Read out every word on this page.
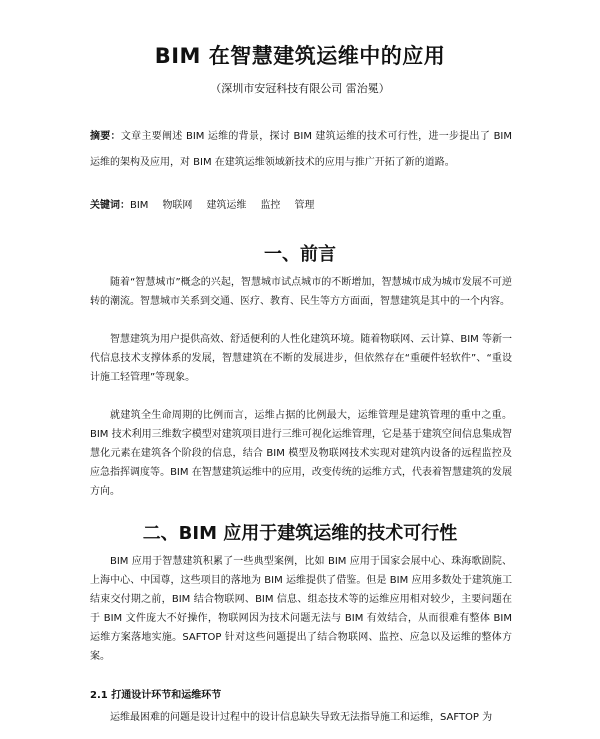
BIM 在智慧建筑运维中的应用
（深圳市安冠科技有限公司 雷治冕）
摘要：文章主要阐述 BIM 运维的背景，探讨 BIM 建筑运维的技术可行性，进一步提出了 BIM 运维的架构及应用，对 BIM 在建筑运维领域新技术的应用与推广开拓了新的道路。
关键词：BIM 物联网 建筑运维 监控 管理
一、前言

随着“智慧城市”概念的兴起，智慧城市试点城市的不断增加，智慧城市成为城市发展不可逆转的潮流。智慧城市关系到交通、医疗、教育、民生等方方面面，智慧建筑是其中的一个内容。

智慧建筑为用户提供高效、舒适便利的人性化建筑环境。随着物联网、云计算、BIM 等新一代信息技术支撑体系的发展，智慧建筑在不断的发展进步，但依然存在“重硬件轻软件”、“重设计施工轻管理”等现象。

就建筑全生命周期的比例而言，运维占据的比例最大，运维管理是建筑管理的重中之重。BIM 技术利用三维数字模型对建筑项目进行三维可视化运维管理，它是基于建筑空间信息集成智慧化元素在建筑各个阶段的信息，结合 BIM 模型及物联网技术实现对建筑内设备的远程监控及应急指挥调度等。BIM 在智慧建筑运维中的应用，改变传统的运维方式，代表着智慧建筑的发展方向。

二、BIM 应用于建筑运维的技术可行性

BIM 应用于智慧建筑积累了一些典型案例，比如 BIM 应用于国家会展中心、珠海歌剧院、上海中心、中国尊，这些项目的落地为 BIM 运维提供了借鉴。但是 BIM 应用多数处于建筑施工结束交付期之前，BIM 结合物联网、BIM 信息、组态技术等的运维应用相对较少，主要问题在于 BIM 文件庞大不好操作，物联网因为技术问题无法与 BIM 有效结合，从而很难有整体 BIM 运维方案落地实施。SAFTOP 针对这些问题提出了结合物联网、监控、应急以及运维的整体方案。

2.1 打通设计环节和运维环节

运维最困难的问题是设计过程中的设计信息缺失导致无法指导施工和运维，SAFTOP 为
